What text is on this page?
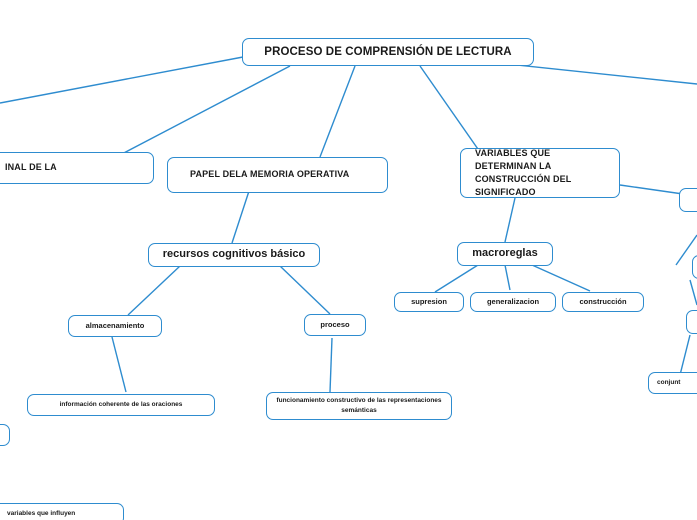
PROCESO DE COMPRENSIÓN DE LECTURA
INAL DE LA
PAPEL DELA MEMORIA OPERATIVA
VARIABLES QUE DETERMINAN LA CONSTRUCCIÓN DEL SIGNIFICADO
recursos cognitivos básico	macroreglas
supresion	generalizacion	construcción
almacenamiento	proceso
información coherente de las oraciones
funcionamiento constructivo de las representaciones semánticas
conjunt
variables que influyen
